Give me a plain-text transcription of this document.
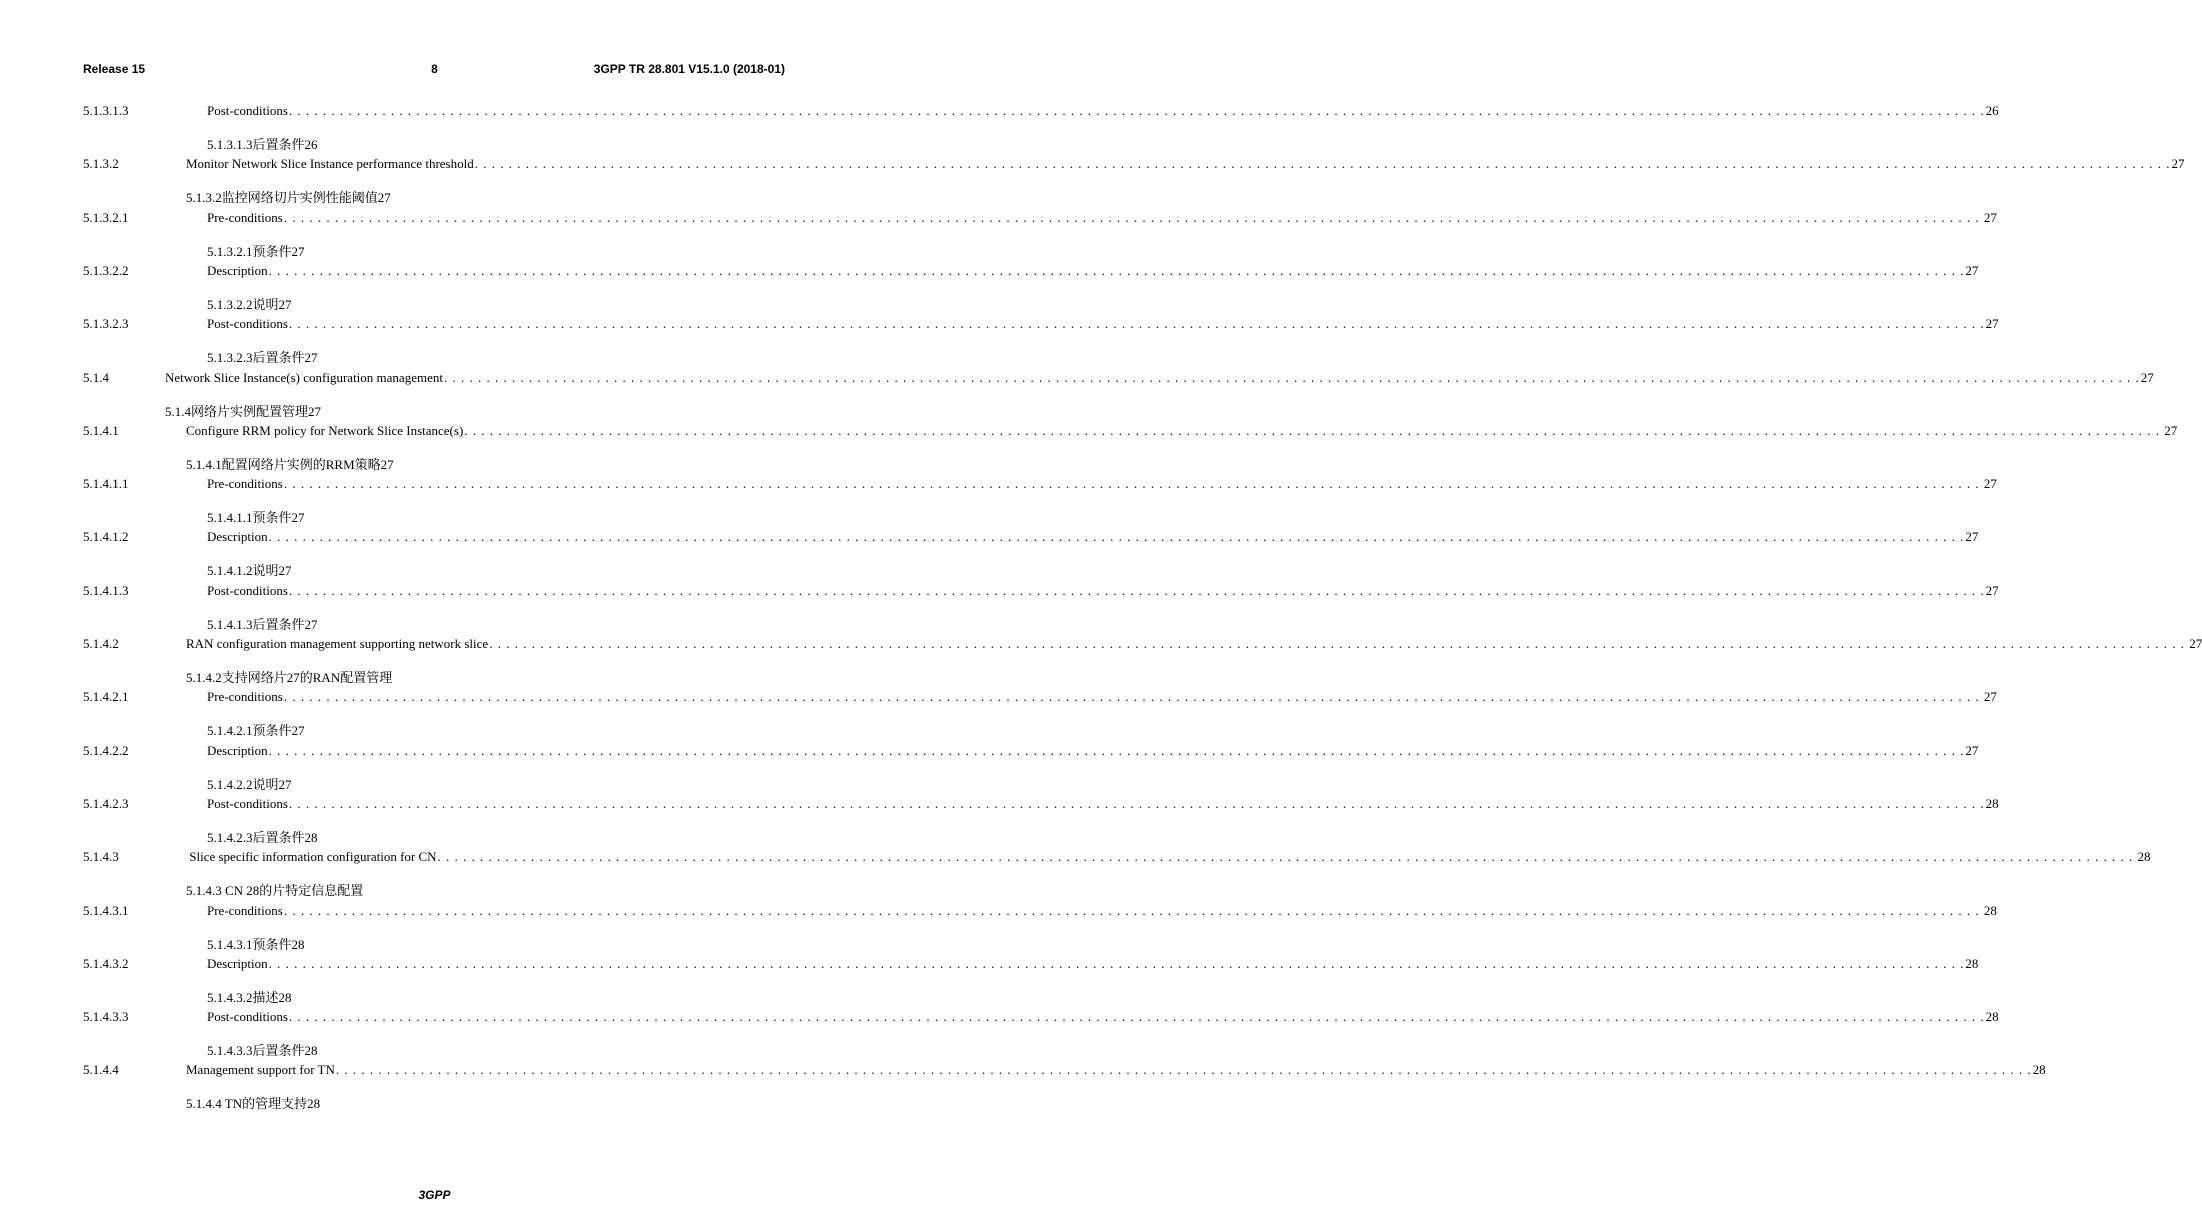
Release 15	8	3GPP TR 28.801 V15.1.0 (2018-01)
5.1.3.1.3	Post-conditions . . . . . . . . . . . . . . . . . . . . . . . . . . . . . . . . . . . . . . . . . . . . . . . . . . . . . . . . . . . . . . . . . . . . . . . . . . . . . . . . . . . . . . . . . . . . . . . . . . . . . . . . . . . . . . . . . . . . . . . . . . . . . . . . . . . . . . . . . . . . . . . . . . . . . . . . . . . . . . . . . . . . . . . . . . . . . . . . . . . . . . . . . . . . . . . . . . . . . . . . 26
5.1.3.1.3后置条件26
5.1.3.2	Monitor Network Slice Instance performance threshold . . . . . . . . . . . . . . . . . . . . . . . . . . . . . . . . . . . . . . . . . . . . . . . . . . . . . . . . . . . . . . . . . . . . . . . . . . . . . . . . . . . . . . . . . . . . . . . . . . . . . . . . . . . . . . . . . . . . . . . . . . . . . . . . . . . . . . . . . . . . . . . . . . . . . . . . . . . . . . . . . . . . . . . . . . . . . . . . . . . . . . . . . . . . . . . . . . . . . . . . 27
5.1.3.2监控网络切片实例性能阈值27
5.1.3.2.1	Pre-conditions . . . . . . . . . . . . . . . . . . . . . . . . . . . . . . . . . . . . . . . . . . . . . . . . . . . . . . . . . . . . . . . . . . . . . . . . . . . . . . . . . . . . . . . . . . . . . . . . . . . . . . . . . . . . . . . . . . . . . . . . . . . . . . . . . . . . . . . . . . . . . . . . . . . . . . . . . . . . . . . . . . . . . . . . . . . . . . . . . . . . . . . . . . . . . . . . . . . . . . . . 27
5.1.3.2.1预条件27
5.1.3.2.2	Description . . . . . . . . . . . . . . . . . . . . . . . . . . . . . . . . . . . . . . . . . . . . . . . . . . . . . . . . . . . . . . . . . . . . . . . . . . . . . . . . . . . . . . . . . . . . . . . . . . . . . . . . . . . . . . . . . . . . . . . . . . . . . . . . . . . . . . . . . . . . . . . . . . . . . . . . . . . . . . . . . . . . . . . . . . . . . . . . . . . . . . . . . . . . . . . . . . . . . . . . 27
5.1.3.2.2说明27
5.1.3.2.3	Post-conditions . . . . . . . . . . . . . . . . . . . . . . . . . . . . . . . . . . . . . . . . . . . . . . . . . . . . . . . . . . . . . . . . . . . . . . . . . . . . . . . . . . . . . . . . . . . . . . . . . . . . . . . . . . . . . . . . . . . . . . . . . . . . . . . . . . . . . . . . . . . . . . . . . . . . . . . . . . . . . . . . . . . . . . . . . . . . . . . . . . . . . . . . . . . . . . . . . . . . . . . . 27
5.1.3.2.3后置条件27
5.1.4	Network Slice Instance(s) configuration management . . . . . . . . . . . . . . . . . . . . . . . . . . . . . . . . . . . . . . . . . . . . . . . . . . . . . . . . . . . . . . . . . . . . . . . . . . . . . . . . . . . . . . . . . . . . . . . . . . . . . . . . . . . . . . . . . . . . . . . . . . . . . . . . . . . . . . . . . . . . . . . . . . . . . . . . . . . . . . . . . . . . . . . . . . . . . . . . . . . . . . . . . . . . . . . . . . . . . . . . 27
5.1.4网络片实例配置管理27
5.1.4.1	Configure RRM policy for Network Slice Instance(s) . . . . . . . . . . . . . . . . . . . . . . . . . . . . . . . . . . . . . . . . . . . . . . . . . . . . . . . . . . . . . . . . . . . . . . . . . . . . . . . . . . . . . . . . . . . . . . . . . . . . . . . . . . . . . . . . . . . . . . . . . . . . . . . . . . . . . . . . . . . . . . . . . . . . . . . . . . . . . . . . . . . . . . . . . . . . . . . . . . . . . . . . . . . . . . . . . . . . . . . . 27
5.1.4.1配置网络片实例的RRM策略27
5.1.4.1.1	Pre-conditions . . . . . . . . . . . . . . . . . . . . . . . . . . . . . . . . . . . . . . . . . . . . . . . . . . . . . . . . . . . . . . . . . . . . . . . . . . . . . . . . . . . . . . . . . . . . . . . . . . . . . . . . . . . . . . . . . . . . . . . . . . . . . . . . . . . . . . . . . . . . . . . . . . . . . . . . . . . . . . . . . . . . . . . . . . . . . . . . . . . . . . . . . . . . . . . . . . . . . . . . 27
5.1.4.1.1预条件27
5.1.4.1.2	Description . . . . . . . . . . . . . . . . . . . . . . . . . . . . . . . . . . . . . . . . . . . . . . . . . . . . . . . . . . . . . . . . . . . . . . . . . . . . . . . . . . . . . . . . . . . . . . . . . . . . . . . . . . . . . . . . . . . . . . . . . . . . . . . . . . . . . . . . . . . . . . . . . . . . . . . . . . . . . . . . . . . . . . . . . . . . . . . . . . . . . . . . . . . . . . . . . . . . . . . . 27
5.1.4.1.2说明27
5.1.4.1.3	Post-conditions . . . . . . . . . . . . . . . . . . . . . . . . . . . . . . . . . . . . . . . . . . . . . . . . . . . . . . . . . . . . . . . . . . . . . . . . . . . . . . . . . . . . . . . . . . . . . . . . . . . . . . . . . . . . . . . . . . . . . . . . . . . . . . . . . . . . . . . . . . . . . . . . . . . . . . . . . . . . . . . . . . . . . . . . . . . . . . . . . . . . . . . . . . . . . . . . . . . . . . . . 27
5.1.4.1.3后置条件27
5.1.4.2	RAN configuration management supporting network slice . . . . . . . . . . . . . . . . . . . . . . . . . . . . . . . . . . . . . . . . . . . . . . . . . . . . . . . . . . . . . . . . . . . . . . . . . . . . . . . . . . . . . . . . . . . . . . . . . . . . . . . . . . . . . . . . . . . . . . . . . . . . . . . . . . . . . . . . . . . . . . . . . . . . . . . . . . . . . . . . . . . . . . . . . . . . . . . . . . . . . . . . . . . . . . . . . . . . . . . . 27
5.1.4.2支持网络片27的RAN配置管理
5.1.4.2.1	Pre-conditions . . . . . . . . . . . . . . . . . . . . . . . . . . . . . . . . . . . . . . . . . . . . . . . . . . . . . . . . . . . . . . . . . . . . . . . . . . . . . . . . . . . . . . . . . . . . . . . . . . . . . . . . . . . . . . . . . . . . . . . . . . . . . . . . . . . . . . . . . . . . . . . . . . . . . . . . . . . . . . . . . . . . . . . . . . . . . . . . . . . . . . . . . . . . . . . . . . . . . . . . 27
5.1.4.2.1预条件27
5.1.4.2.2	Description . . . . . . . . . . . . . . . . . . . . . . . . . . . . . . . . . . . . . . . . . . . . . . . . . . . . . . . . . . . . . . . . . . . . . . . . . . . . . . . . . . . . . . . . . . . . . . . . . . . . . . . . . . . . . . . . . . . . . . . . . . . . . . . . . . . . . . . . . . . . . . . . . . . . . . . . . . . . . . . . . . . . . . . . . . . . . . . . . . . . . . . . . . . . . . . . . . . . . . . . 27
5.1.4.2.2说明27
5.1.4.2.3	Post-conditions . . . . . . . . . . . . . . . . . . . . . . . . . . . . . . . . . . . . . . . . . . . . . . . . . . . . . . . . . . . . . . . . . . . . . . . . . . . . . . . . . . . . . . . . . . . . . . . . . . . . . . . . . . . . . . . . . . . . . . . . . . . . . . . . . . . . . . . . . . . . . . . . . . . . . . . . . . . . . . . . . . . . . . . . . . . . . . . . . . . . . . . . . . . . . . . . . . . . . . . . 28
5.1.4.2.3后置条件28
5.1.4.3	Slice specific information configuration for CN . . . . . . . . . . . . . . . . . . . . . . . . . . . . . . . . . . . . . . . . . . . . . . . . . . . . . . . . . . . . . . . . . . . . . . . . . . . . . . . . . . . . . . . . . . . . . . . . . . . . . . . . . . . . . . . . . . . . . . . . . . . . . . . . . . . . . . . . . . . . . . . . . . . . . . . . . . . . . . . . . . . . . . . . . . . . . . . . . . . . . . . . . . . . . . . . . . . . . . . . 28
5.1.4.3 CN 28的片特定信息配置
5.1.4.3.1	Pre-conditions . . . . . . . . . . . . . . . . . . . . . . . . . . . . . . . . . . . . . . . . . . . . . . . . . . . . . . . . . . . . . . . . . . . . . . . . . . . . . . . . . . . . . . . . . . . . . . . . . . . . . . . . . . . . . . . . . . . . . . . . . . . . . . . . . . . . . . . . . . . . . . . . . . . . . . . . . . . . . . . . . . . . . . . . . . . . . . . . . . . . . . . . . . . . . . . . . . . . . . . . 28
5.1.4.3.1预条件28
5.1.4.3.2	Description . . . . . . . . . . . . . . . . . . . . . . . . . . . . . . . . . . . . . . . . . . . . . . . . . . . . . . . . . . . . . . . . . . . . . . . . . . . . . . . . . . . . . . . . . . . . . . . . . . . . . . . . . . . . . . . . . . . . . . . . . . . . . . . . . . . . . . . . . . . . . . . . . . . . . . . . . . . . . . . . . . . . . . . . . . . . . . . . . . . . . . . . . . . . . . . . . . . . . . . . 28
5.1.4.3.2描述28
5.1.4.3.3	Post-conditions . . . . . . . . . . . . . . . . . . . . . . . . . . . . . . . . . . . . . . . . . . . . . . . . . . . . . . . . . . . . . . . . . . . . . . . . . . . . . . . . . . . . . . . . . . . . . . . . . . . . . . . . . . . . . . . . . . . . . . . . . . . . . . . . . . . . . . . . . . . . . . . . . . . . . . . . . . . . . . . . . . . . . . . . . . . . . . . . . . . . . . . . . . . . . . . . . . . . . . . . 28
5.1.4.3.3后置条件28
5.1.4.4	Management support for TN . . . . . . . . . . . . . . . . . . . . . . . . . . . . . . . . . . . . . . . . . . . . . . . . . . . . . . . . . . . . . . . . . . . . . . . . . . . . . . . . . . . . . . . . . . . . . . . . . . . . . . . . . . . . . . . . . . . . . . . . . . . . . . . . . . . . . . . . . . . . . . . . . . . . . . . . . . . . . . . . . . . . . . . . . . . . . . . . . . . . . . . . . . . . . . . . . . . . . . . . 28
5.1.4.4 TN的管理支持28
3GPP
